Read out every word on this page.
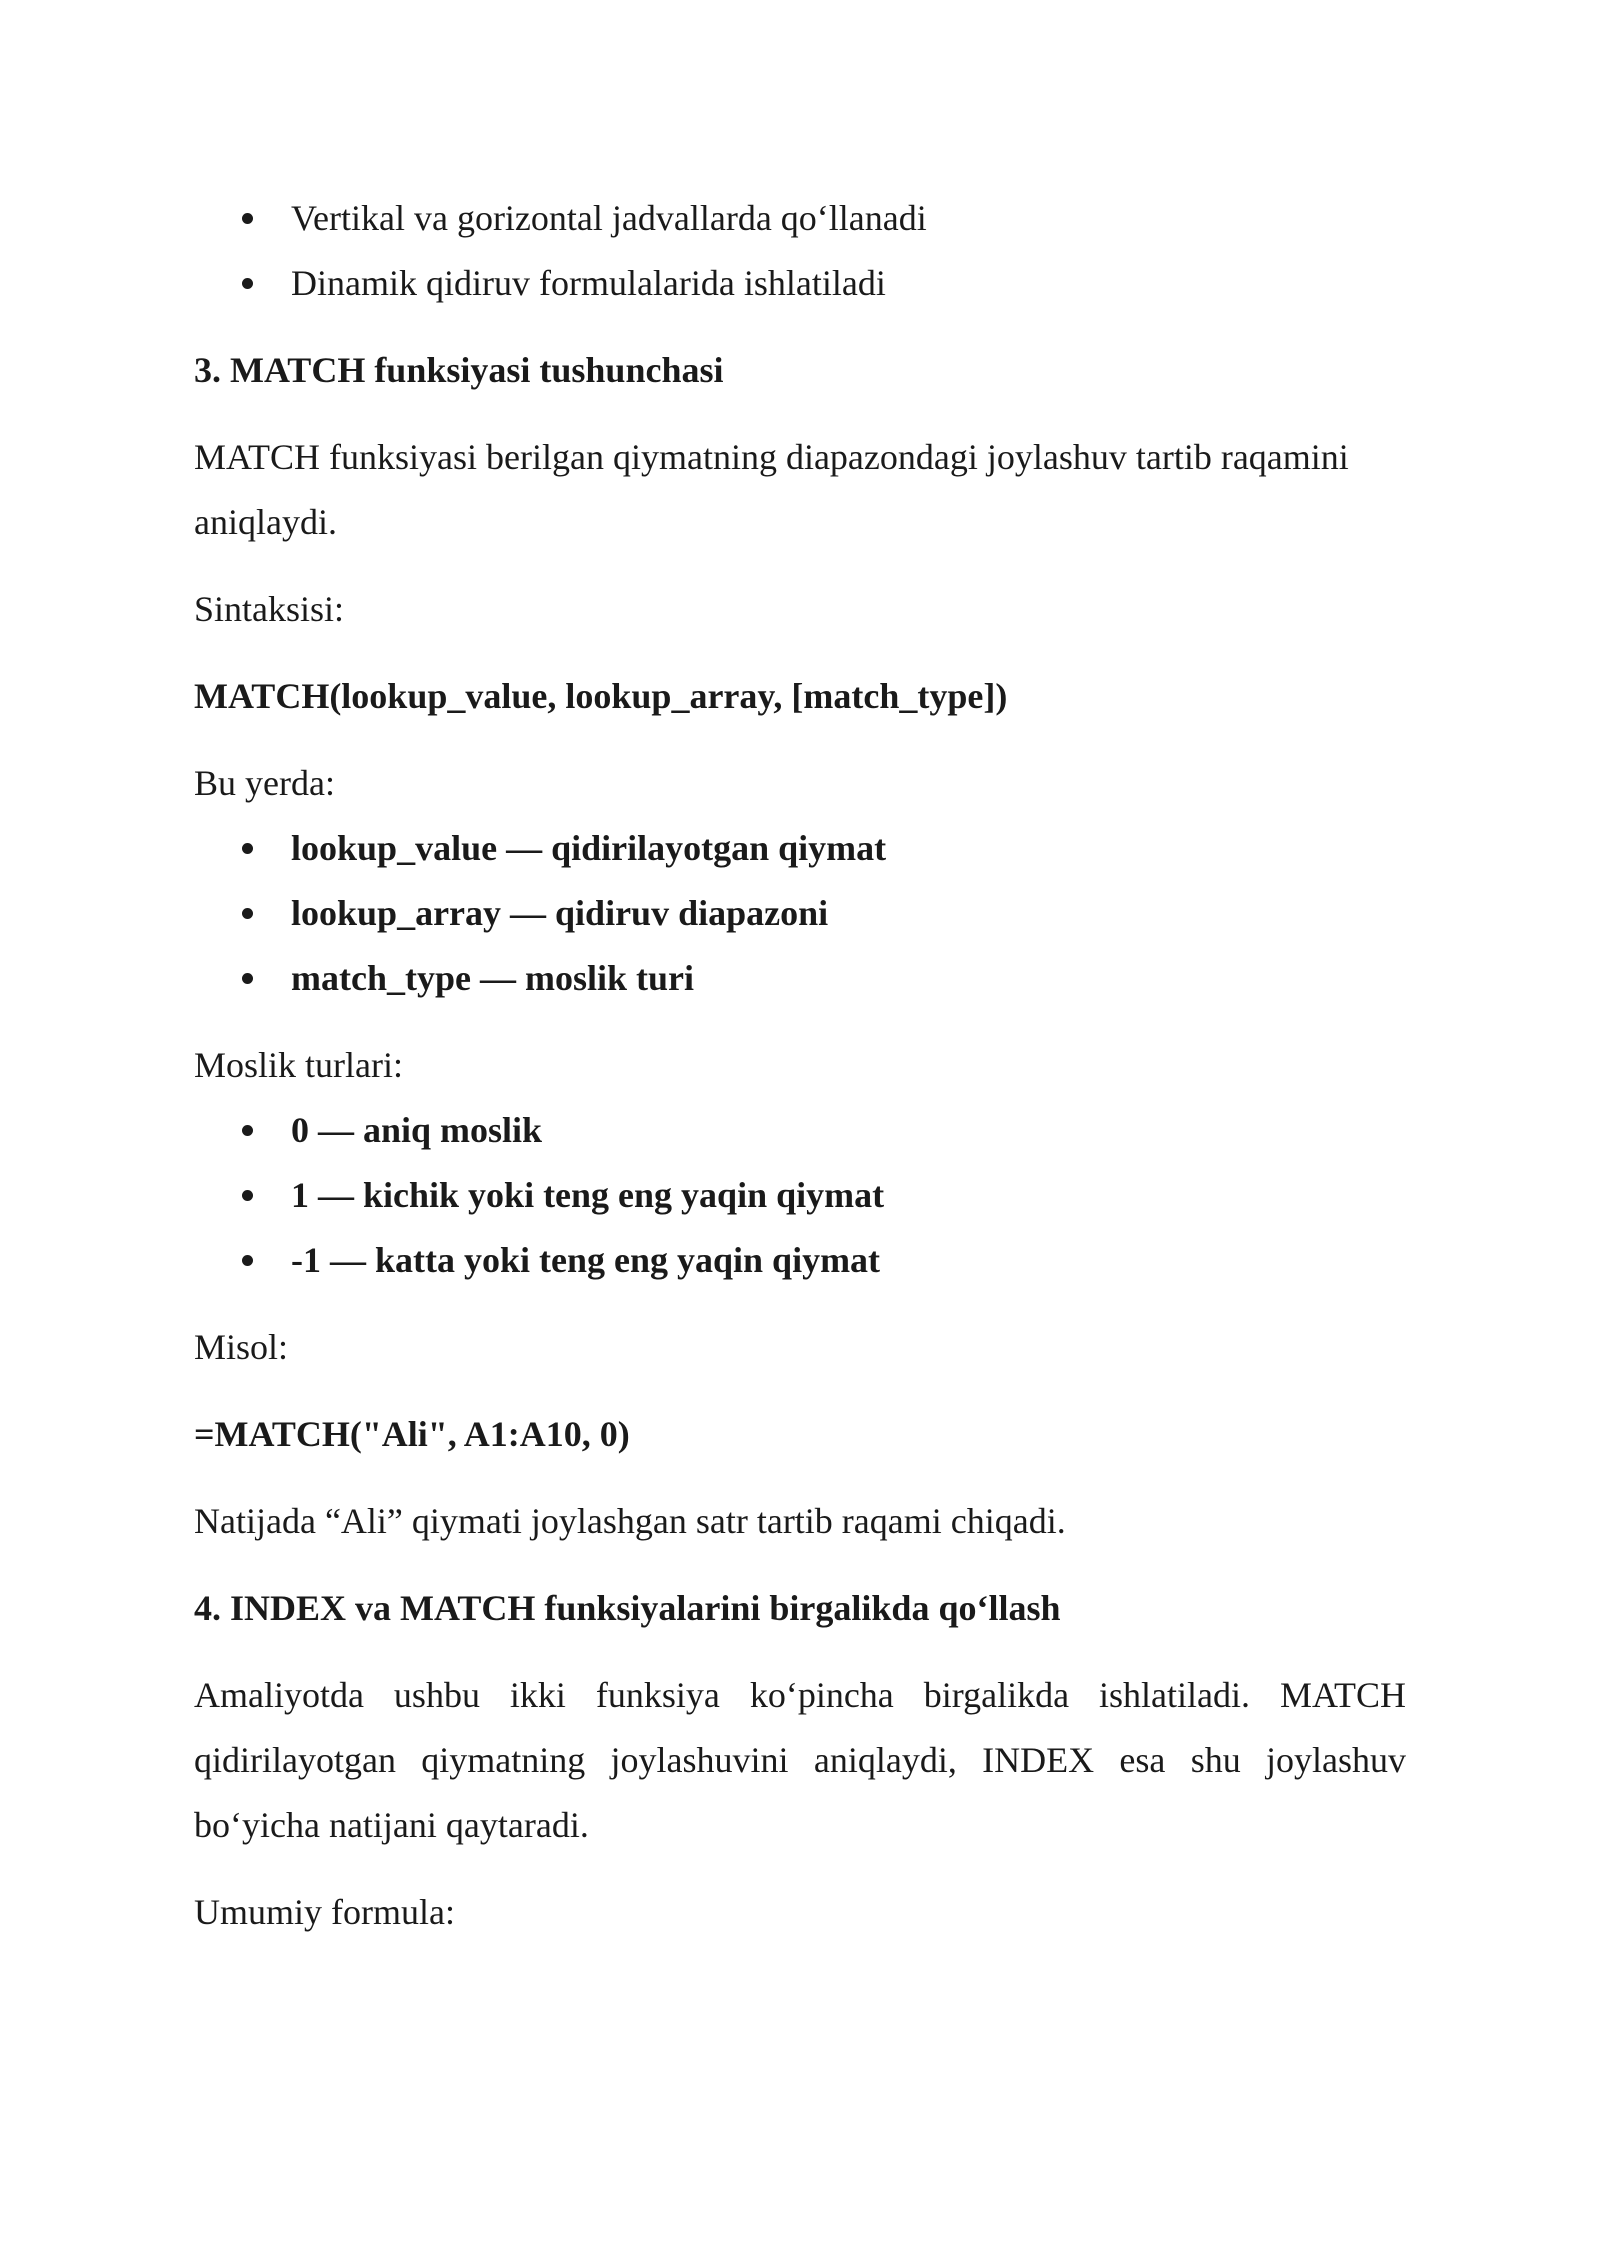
Vertikal va gorizontal jadvallarda qo‘llanadi
Dinamik qidiruv formulalarida ishlatiladi

3. MATCH funksiyasi tushunchasi

MATCH funksiyasi berilgan qiymatning diapazondagi joylashuv tartib raqamini aniqlaydi.

Sintaksisi:

MATCH(lookup_value, lookup_array, [match_type])

Bu yerda:

lookup_value — qidirilayotgan qiymat
lookup_array — qidiruv diapazoni
match_type — moslik turi

Moslik turlari:

0 — aniq moslik
1 — kichik yoki teng eng yaqin qiymat
-1 — katta yoki teng eng yaqin qiymat

Misol:

=MATCH("Ali", A1:A10, 0)

Natijada “Ali” qiymati joylashgan satr tartib raqami chiqadi.

4. INDEX va MATCH funksiyalarini birgalikda qo‘llash

Amaliyotda ushbu ikki funksiya ko‘pincha birgalikda ishlatiladi. MATCH qidirilayotgan qiymatning joylashuvini aniqlaydi, INDEX esa shu joylashuv bo‘yicha natijani qaytaradi.

Umumiy formula:
